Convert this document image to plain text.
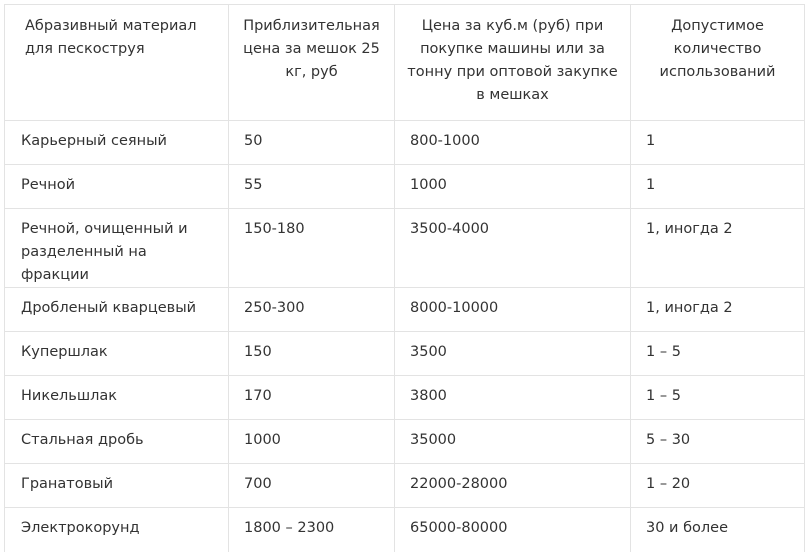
Абразивный материал для пескоструя	Приблизительная цена за мешок 25 кг, руб	Цена за куб.м (руб) при покупке машины или за тонну при оптовой закупке в мешках	Допустимое количество использований
Карьерный сеяный	50	800-1000	1
Речной	55	1000	1
Речной, очищенный и разделенный на фракции	150-180	3500-4000	1, иногда 2
Дробленый кварцевый	250-300	8000-10000	1, иногда 2
Купершлак	150	3500	1 – 5
Никельшлак	170	3800	1 – 5
Стальная дробь	1000	35000	5 – 30
Гранатовый	700	22000-28000	1 – 20
Электрокорунд	1800 – 2300	65000-80000	30 и более
